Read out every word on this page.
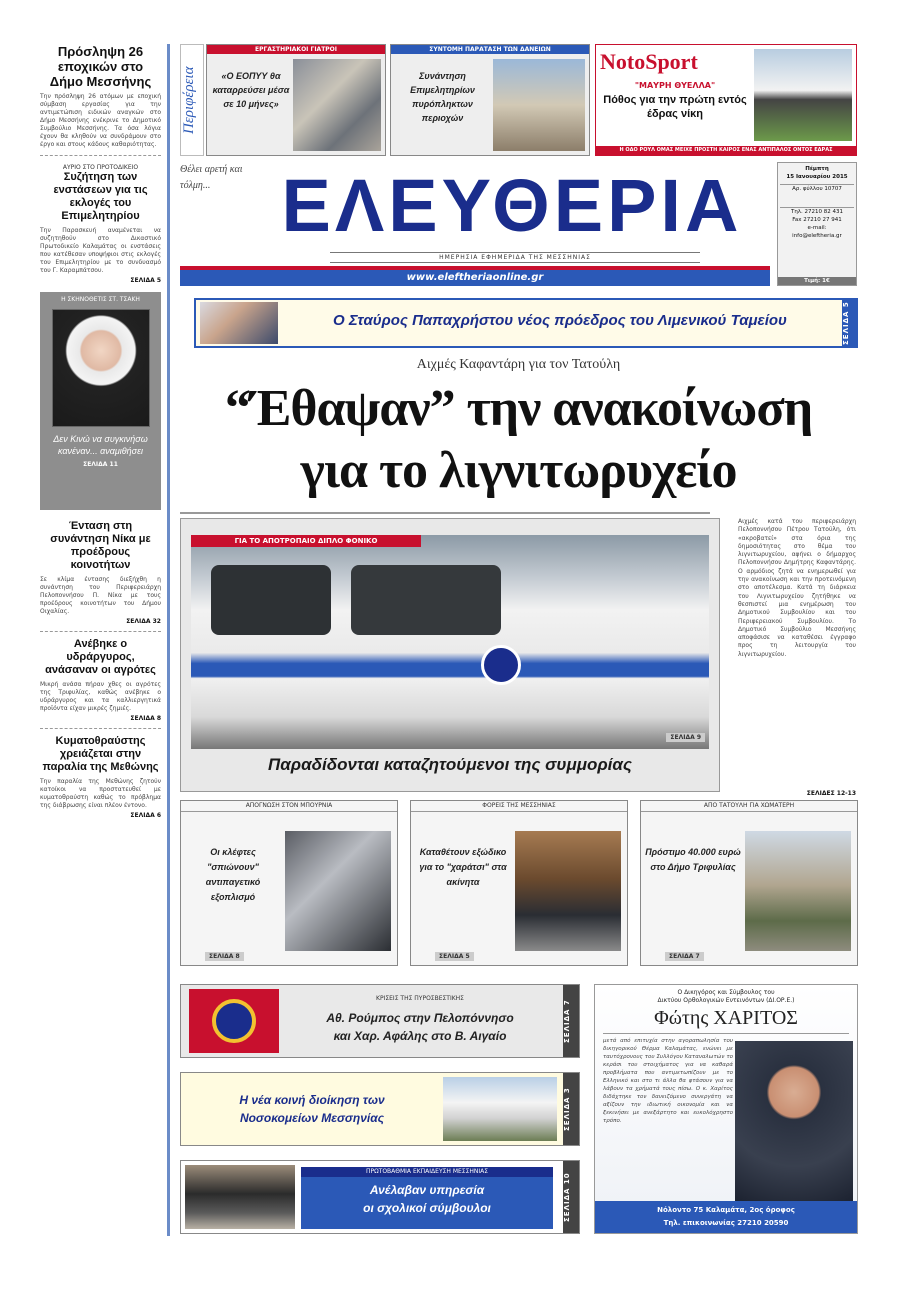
Πρόσληψη 26 εποχικών στο Δήμο Μεσσήνης
Την πρόσληψη 26 ατόμων με εποχική σύμβαση εργασίας για την αντιμετώπιση ειδικών αναγκών στο Δήμο Μεσσήνης ενέκρινε το Δημοτικό Συμβούλιο Μεσσήνης. Τα όσα λόγια έχουν θα κληθούν να συνδράμουν στο έργο και στους κάδους καθαριότητας.
ΑΥΡΙΟ ΣΤΟ ΠΡΟΤΟΔΙΚΕΙΟ
Συζήτηση των ενστάσεων για τις εκλογές του Επιμελητηρίου
Την Παρασκευή αναμένεται να συζητηθούν στο Δικαστικό Πρωτοδικείο Καλαμάτας οι ενστάσεις που κατέθεσαν υποψήφιοι στις εκλογές του Επιμελητηρίου με το συνδυασμό του Γ. Καραμπάτσου.
ΣΕΛΙΔΑ 5
Η ΣΚΗΝΟΘΕΤΙΣ ΣΤ. ΤΣΑΚΗ
Δεν Κινώ να συγκινήσω κανέναν... αναμιθήσει
ΣΕΛΙΔΑ 11
Ένταση στη συνάντηση Νίκα με προέδρους κοινοτήτων
Σε κλίμα έντασης διεξήχθη η συνάντηση του Περιφερειάρχη Πελοποννήσου Π. Νίκα με τους προέδρους κοινοτήτων του Δήμου Οιχαλίας.
ΣΕΛΙΔΑ 32
Ανέβηκε ο υδράργυρος, ανάσαναν οι αγρότες
Μικρή ανάσα πήραν χθες οι αγρότες της Τριφυλίας, καθώς ανέβηκε ο υδράργυρος και τα καλλιεργητικά προϊόντα είχαν μικρές ζημιές.
ΣΕΛΙΔΑ 8
Κυματοθραύστης χρειάζεται στην παραλία της Μεθώνης
Την παραλία της Μεθώνης ζητούν κατοίκοι να προστατευθεί με κυματοθραύστη καθώς το πρόβλημα της διάβρωσης είναι πλέον έντονο.
ΣΕΛΙΔΑ 6
Περιφέρεια
ΕΡΓΑΣΤΗΡΙΑΚΟΙ ΓΙΑΤΡΟΙ
«Ο ΕΟΠΥΥ θα καταρρεύσει μέσα σε 10 μήνες»
ΣΥΝΤΟΜΗ ΠΑΡΑΤΑΣΗ ΤΩΝ ΔΑΝΕΙΩΝ
Συνάντηση Επιμελητηρίων πυρόπληκτων περιοχών
NotoSport
"ΜΑΥΡΗ ΘΥΕΛΛΑ"
Πόθος για την πρώτη εντός έδρας νίκη
Η ΟΔΟ ΡΟΥΛ ΟΜΑΣ ΜΕΙΧΕ ΠΡΟΣΤΗ ΚΑΙΡΟΣ ΕΝΑΣ ΑΝΤΙΠΑΛΟΣ ΟΝΤΟΣ ΕΔΡΑΣ
Θέλει αρετή και τόλμη... ΕΛΕΥΘΕΡΙΑ
ΗΜΕΡΗΣΙΑ ΕΦΗΜΕΡΙΔΑ ΤΗΣ ΜΕΣΣΗΝΙΑΣ
www.eleftheriaonline.gr
Πέμπτη
15 Ιανουαρίου 2015
Αρ. φύλλου 10707
Τηλ. 27210 82 431
Fax 27210 27 941
e-mail:
info@eleftheria.gr
Τιμή: 1€
Ο Σταύρος Παπαχρήστου νέος πρόεδρος του Λιμενικού Ταμείου	ΣΕΛΙΔΑ 5
Αιχμές Καφαντάρη για τον Τατούλη
“Έθαψαν” την ανακοίνωση
για το λιγνιτωρυχείο
Αιχμές κατά του περιφερειάρχη Πελοποννήσου Πέτρου Τατούλη, ότι «ακροβατεί» στα όρια της δημοσιότητας στο θέμα του λιγνιτωρυχείου, αφήνει ο δήμαρχος Πελοποννήσου Δημήτρης Καφαντάρης. Ο αρμόδιος ζητά να ενημερωθεί για την ανακοίνωση και την προτεινόμενη στο αποτέλεσμα. Κατά τη διάρκεια του Λιγνιτωρυχείου ζητήθηκε να θεσπιστεί μια ενημέρωση του Δημοτικού Συμβουλίου και του Περιφερειακού Συμβουλίου. Το Δημοτικό Συμβούλιο Μεσσήνης αποφάσισε να καταθέσει έγγραφο προς τη λειτουργία του λιγνιτωρυχείου.
ΣΕΛΙΔΕΣ 12-13
ΓΙΑ ΤΟ ΑΠΟΤΡΟΠΑΙΟ ΔΙΠΛΟ ΦΟΝΙΚΟ
ΣΕΛΙΔΑ 9
Παραδίδονται καταζητούμενοι της συμμορίας
ΑΠΟΓΝΩΣΗ ΣΤΟΝ ΜΠΟΥΡΝΙΑ
Οι κλέφτες "σπιώνουν" αντιπαγετικό εξοπλισμό
ΣΕΛΙΔΑ 8
ΦΟΡΕΙΣ ΤΗΣ ΜΕΣΣΗΝΙΑΣ
Καταθέτουν εξώδικο για το "χαράτσι" στα ακίνητα
ΣΕΛΙΔΑ 5
ΑΠΟ ΤΑΤΟΥΛΗ ΓΙΑ ΧΩΜΑΤΕΡΗ
Πρόστιμο 40.000 ευρώ στο Δήμο Τριφυλίας
ΣΕΛΙΔΑ 7
ΚΡΙΣΕΙΣ ΤΗΣ ΠΥΡΟΣΒΕΣΤΙΚΗΣ
Αθ. Ρούμπος στην Πελοπόννησο
και Χαρ. Αφάλης στο Β. Αιγαίο	ΣΕΛΙΔΑ 7
Η νέα κοινή διοίκηση των
Νοσοκομείων Μεσσηνίας	ΣΕΛΙΔΑ 3
ΠΡΩΤΟΒΑΘΜΙΑ ΕΚΠΑΙΔΕΥΣΗ ΜΕΣΣΗΝΙΑΣ
Ανέλαβαν υπηρεσία
οι σχολικοί σύμβουλοι	ΣΕΛΙΔΑ 10
Ο Δικηγόρος και Σύμβουλος του
Δικτύου Ορθολογικών Εντεινόντων (ΔΙ.ΟΡ.Ε.)
Φώτης ΧΑΡΙΤΟΣ
μετά από επιτυχία στην αγοραπωλησία του δικηγορικού Θέρμα Καλαμάτας, ενώνει με ταυτόχρονους του Συλλόγου Καταναλωτών το κεράσι του στοιχήματος για να καθαρά προβλήματα που αντιμετωπίζουν με το Ελληνικό και στο τι άλλα θα φτάσουν για να λάβουν τα χρήματά τους πίσω. Ο κ. Χαρίτος διδάχτηκε τον δανειζόμενο συνεργάτη να αξίζουν την ιδιωτική οικονομία και να ξεκινήσει με ανεξάρτητο και ευκολόχρηστο τρόπο.
Νόλοντο 75 Καλαμάτα, 2ος όροφος
Τηλ. επικοινωνίας 27210 20590
